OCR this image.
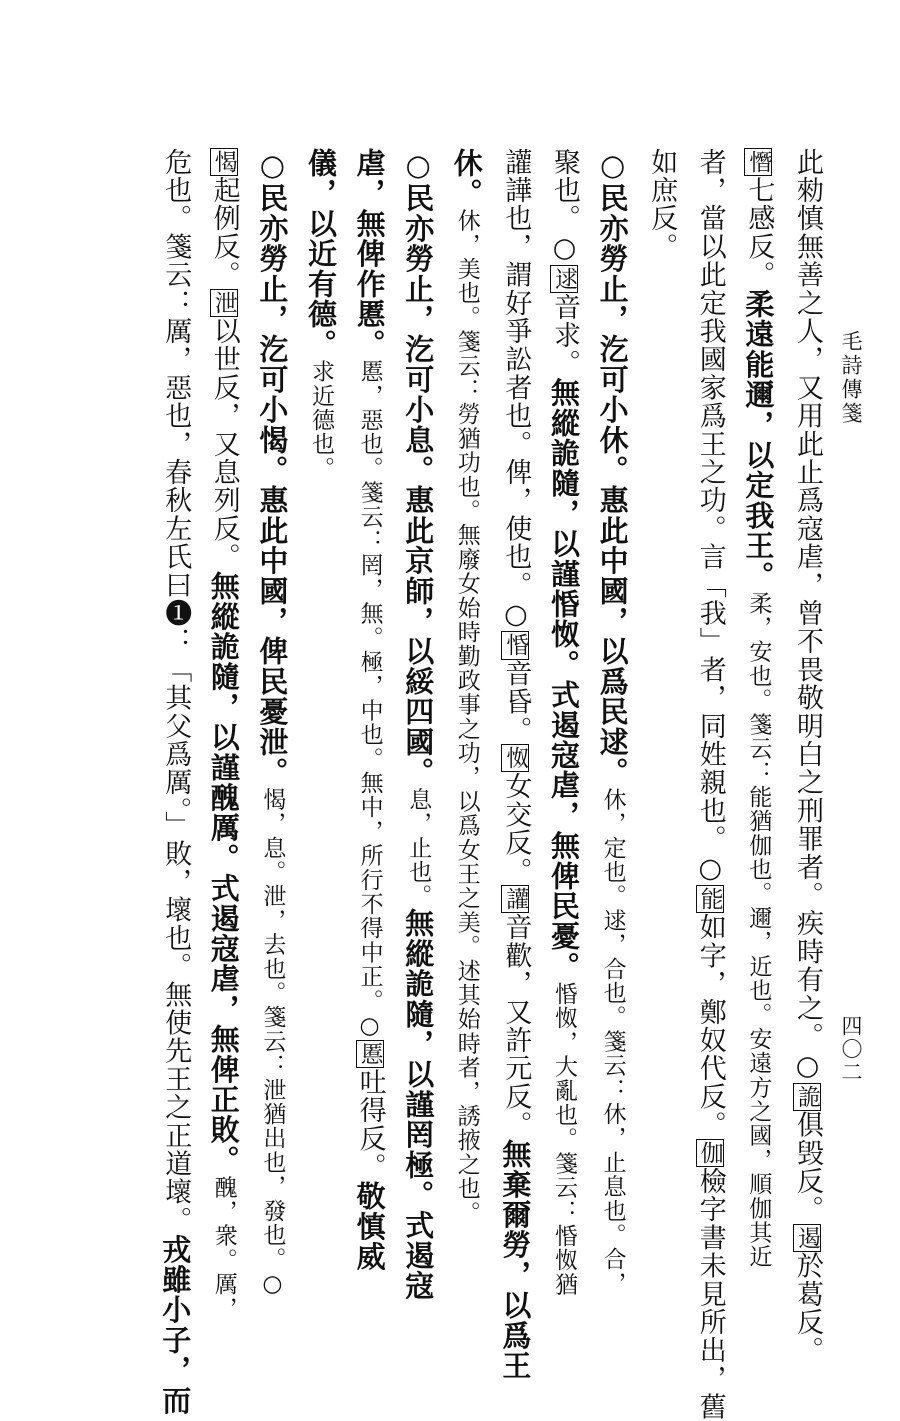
毛詩傳箋
四〇二
此勑慎無善之人，又用此止爲寇虐，曾不畏敬明白之刑罪者。疾時有之。○詭俱毁反。遏於葛反。
憯七感反。柔遠能邇，以定我王。柔，安也。箋云：能猶伽也。邇，近也。安遠方之國，順伽其近
者，當以此定我國家爲王之功。言「我」者，同姓親也。○能如字，鄭奴代反。伽檢字書未見所出，舊
如庶反。
○民亦勞止，汔可小休。惠此中國，以爲民逑。休，定也。逑，合也。箋云：休，止息也。合，
聚也。○逑音求。無縱詭隨，以謹惛怓。式遏寇虐，無俾民憂。惛怓，大亂也。箋云：惛怓猶
讙譁也，謂好爭訟者也。俾，使也。○惛音昏。怓女交反。讙音歡，又許元反。無棄爾勞，以爲王
休。休，美也。箋云：勞猶功也。無廢女始時勤政事之功，以爲女王之美。述其始時者，誘掖之也。
○民亦勞止，汔可小息。惠此京師，以綏四國。息，止也。無縱詭隨，以謹罔極。式遏寇
虐，無俾作慝。慝，惡也。箋云：罔，無。極，中也。無中，所行不得中正。○慝吐得反。敬慎威
儀，以近有德。求近德也。
○民亦勞止，汔可小愒。惠此中國，俾民憂泄。愒，息。泄，去也。箋云：泄猶出也，發也。○
愒起例反。泄以世反，又息列反。無縱詭隨，以謹醜厲。式遏寇虐，無俾正敗。醜，衆。厲，
危也。箋云：厲，惡也，春秋左氏曰❶：「其父爲厲。」敗，壞也。無使先王之正道壞。戎雖小子，而
